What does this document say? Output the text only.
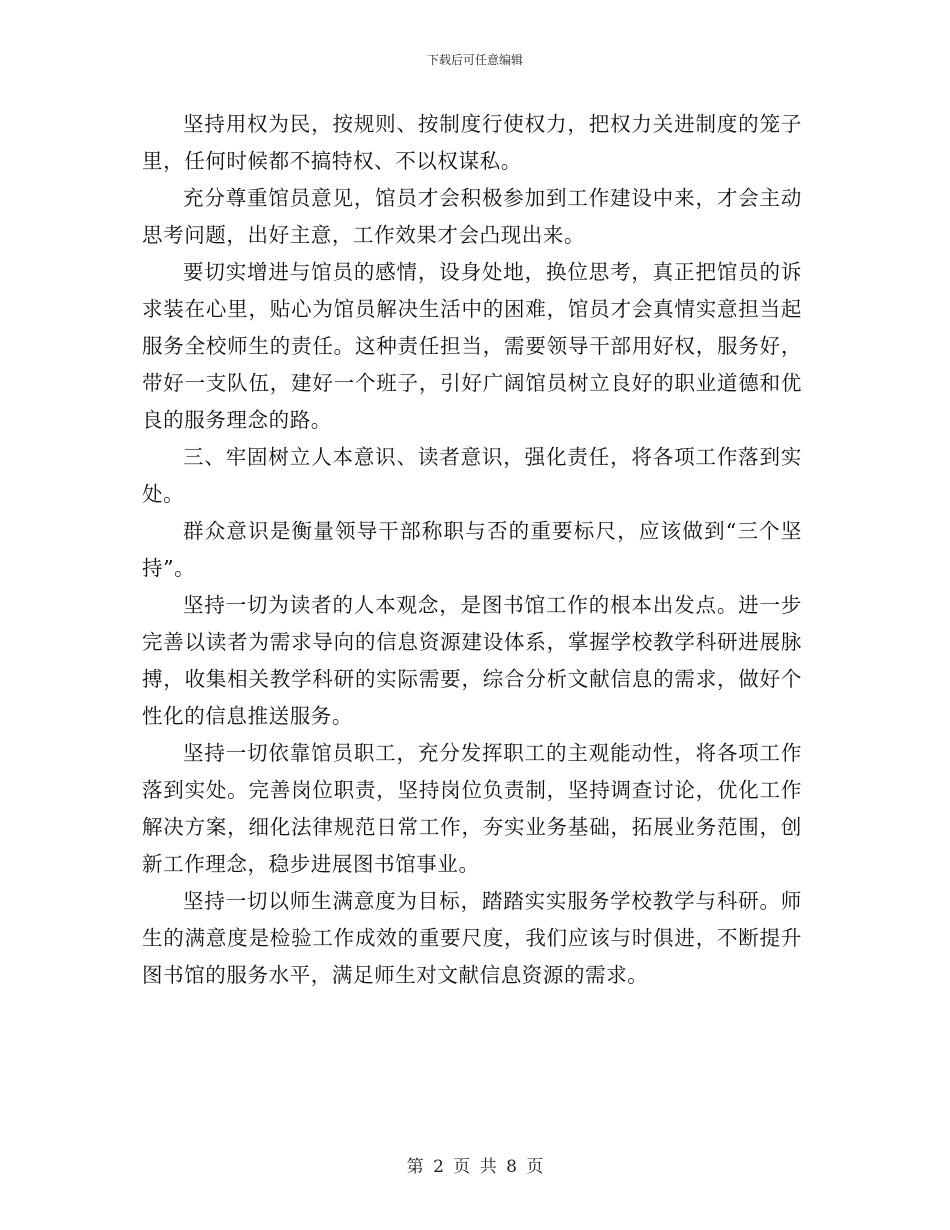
下载后可任意编辑

坚持用权为民，按规则、按制度行使权力，把权力关进制度的笼子里，任何时候都不搞特权、不以权谋私。

充分尊重馆员意见，馆员才会积极参加到工作建设中来，才会主动思考问题，出好主意，工作效果才会凸现出来。

要切实增进与馆员的感情，设身处地，换位思考，真正把馆员的诉求装在心里，贴心为馆员解决生活中的困难，馆员才会真情实意担当起服务全校师生的责任。这种责任担当，需要领导干部用好权，服务好，带好一支队伍，建好一个班子，引好广阔馆员树立良好的职业道德和优良的服务理念的路。

三、牢固树立人本意识、读者意识，强化责任，将各项工作落到实处。

群众意识是衡量领导干部称职与否的重要标尺，应该做到“三个坚持”。

坚持一切为读者的人本观念，是图书馆工作的根本出发点。进一步完善以读者为需求导向的信息资源建设体系，掌握学校教学科研进展脉搏，收集相关教学科研的实际需要，综合分析文献信息的需求，做好个性化的信息推送服务。

坚持一切依靠馆员职工，充分发挥职工的主观能动性，将各项工作落到实处。完善岗位职责，坚持岗位负责制，坚持调查讨论，优化工作解决方案，细化法律规范日常工作，夯实业务基础，拓展业务范围，创新工作理念，稳步进展图书馆事业。

坚持一切以师生满意度为目标，踏踏实实服务学校教学与科研。师生的满意度是检验工作成效的重要尺度，我们应该与时俱进，不断提升图书馆的服务水平，满足师生对文献信息资源的需求。

第 2 页 共 8 页
